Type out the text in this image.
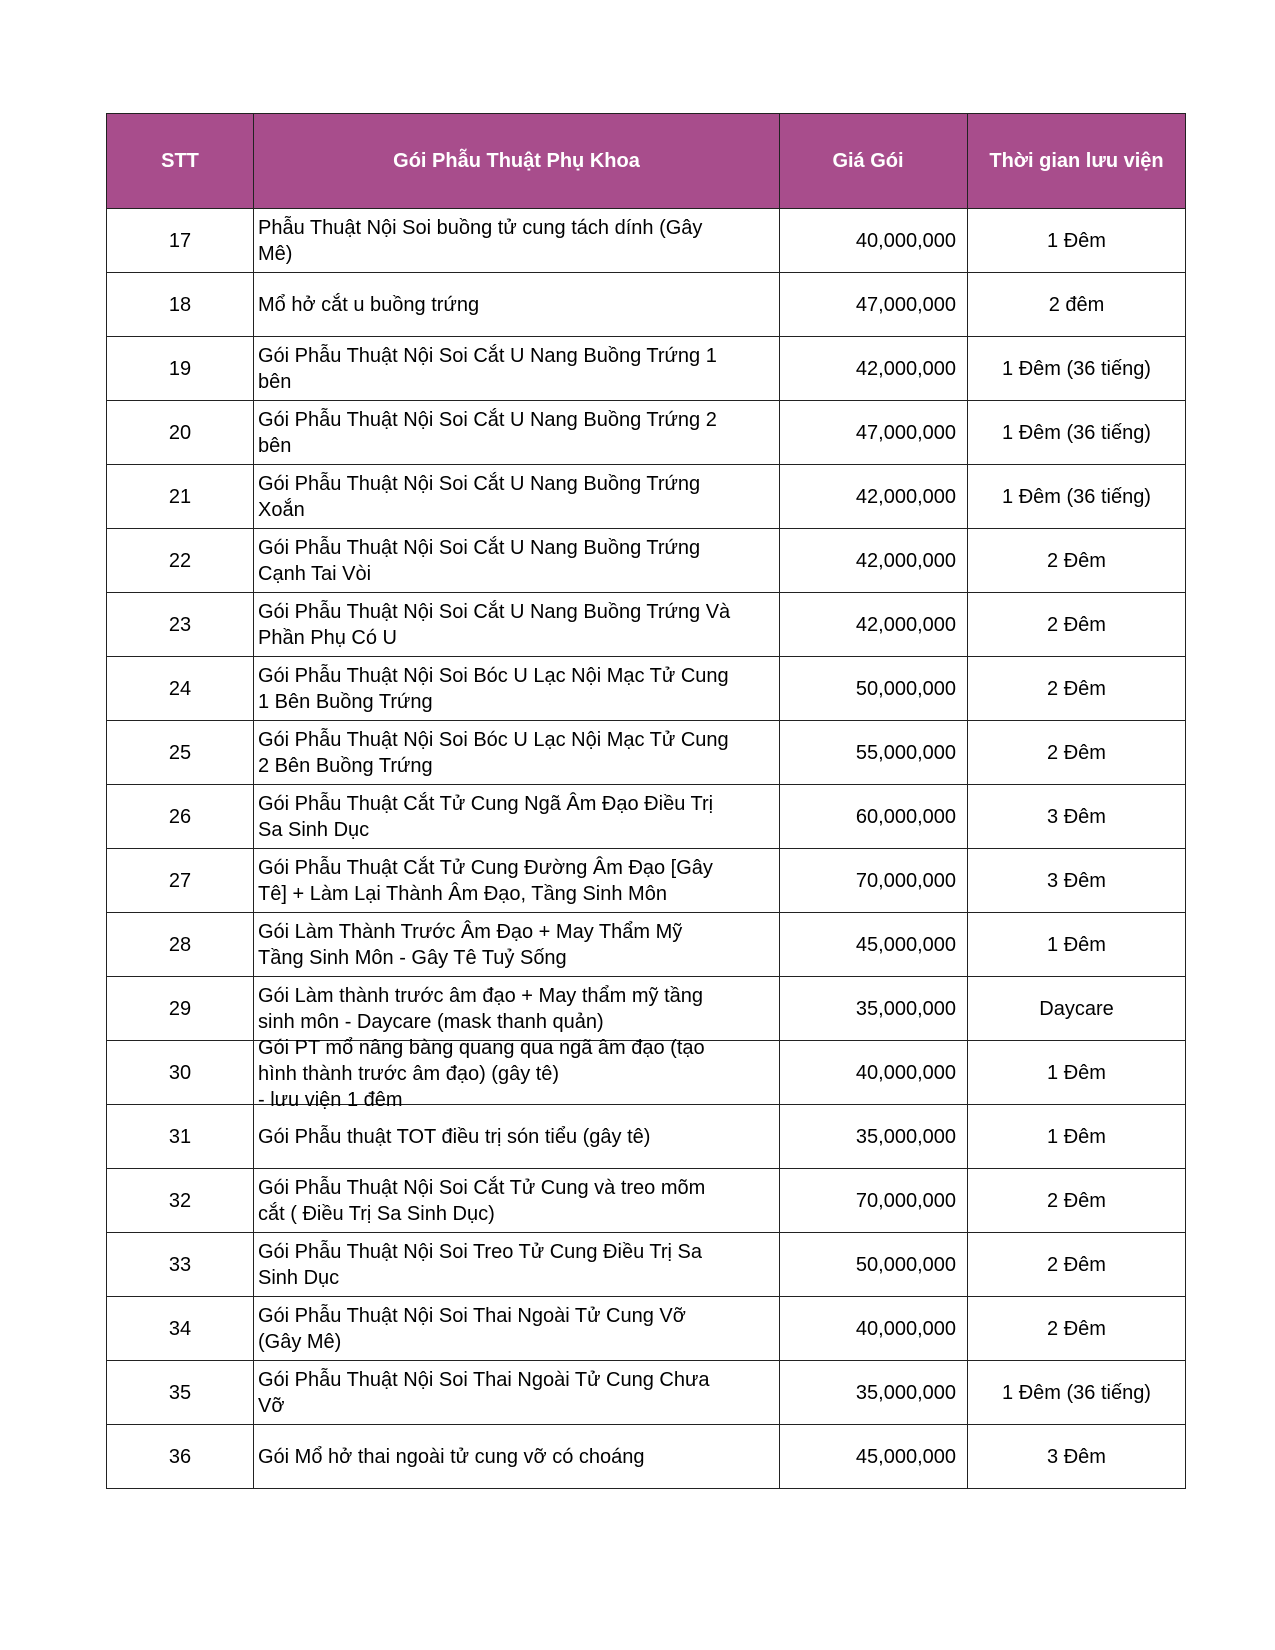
STT	Gói Phẫu Thuật Phụ Khoa	Giá Gói	Thời gian lưu viện
17	Phẫu Thuật Nội Soi buồng tử cung tách dính (Gây
Mê)	40,000,000	1 Đêm
18	Mổ hở cắt u buồng trứng	47,000,000	2 đêm
19	Gói Phẫu Thuật Nội Soi Cắt U Nang Buồng Trứng 1
bên	42,000,000	1 Đêm (36 tiếng)
20	Gói Phẫu Thuật Nội Soi Cắt U Nang Buồng Trứng 2
bên	47,000,000	1 Đêm (36 tiếng)
21	Gói Phẫu Thuật Nội Soi Cắt U Nang Buồng Trứng
Xoắn	42,000,000	1 Đêm (36 tiếng)
22	Gói Phẫu Thuật Nội Soi Cắt U Nang Buồng Trứng
Cạnh Tai Vòi	42,000,000	2 Đêm
23	Gói Phẫu Thuật Nội Soi Cắt U Nang Buồng Trứng Và
Phần Phụ Có U	42,000,000	2 Đêm
24	Gói Phẫu Thuật Nội Soi Bóc U Lạc Nội Mạc Tử Cung
1 Bên Buồng Trứng	50,000,000	2 Đêm
25	Gói Phẫu Thuật Nội Soi Bóc U Lạc Nội Mạc Tử Cung
2 Bên Buồng Trứng	55,000,000	2 Đêm
26	Gói Phẫu Thuật Cắt Tử Cung Ngã Âm Đạo Điều Trị
Sa Sinh Dục	60,000,000	3 Đêm
27	Gói Phẫu Thuật Cắt Tử Cung Đường Âm Đạo [Gây
Tê] + Làm Lại Thành Âm Đạo, Tầng Sinh Môn	70,000,000	3 Đêm
28	Gói Làm Thành Trước Âm Đạo + May Thẩm Mỹ
Tầng Sinh Môn - Gây Tê Tuỷ Sống	45,000,000	1 Đêm
29	Gói Làm thành trước âm đạo + May thẩm mỹ tầng
sinh môn - Daycare (mask thanh quản)	35,000,000	Daycare
30	Gói PT mổ nâng bàng quang qua ngã âm đạo (tạo
hình thành trước âm đạo) (gây tê)
- lưu viện 1 đêm	40,000,000	1 Đêm
31	Gói Phẫu thuật TOT điều trị són tiểu (gây tê)	35,000,000	1 Đêm
32	Gói Phẫu Thuật Nội Soi Cắt Tử Cung và treo mõm
cắt ( Điều Trị Sa Sinh Dục)	70,000,000	2 Đêm
33	Gói Phẫu Thuật Nội Soi Treo Tử Cung Điều Trị Sa
Sinh Dục	50,000,000	2 Đêm
34	Gói Phẫu Thuật Nội Soi Thai Ngoài Tử Cung Vỡ
(Gây Mê)	40,000,000	2 Đêm
35	Gói Phẫu Thuật Nội Soi Thai Ngoài Tử Cung Chưa
Vỡ	35,000,000	1 Đêm (36 tiếng)
36	Gói Mổ hở thai ngoài tử cung vỡ có choáng	45,000,000	3 Đêm
